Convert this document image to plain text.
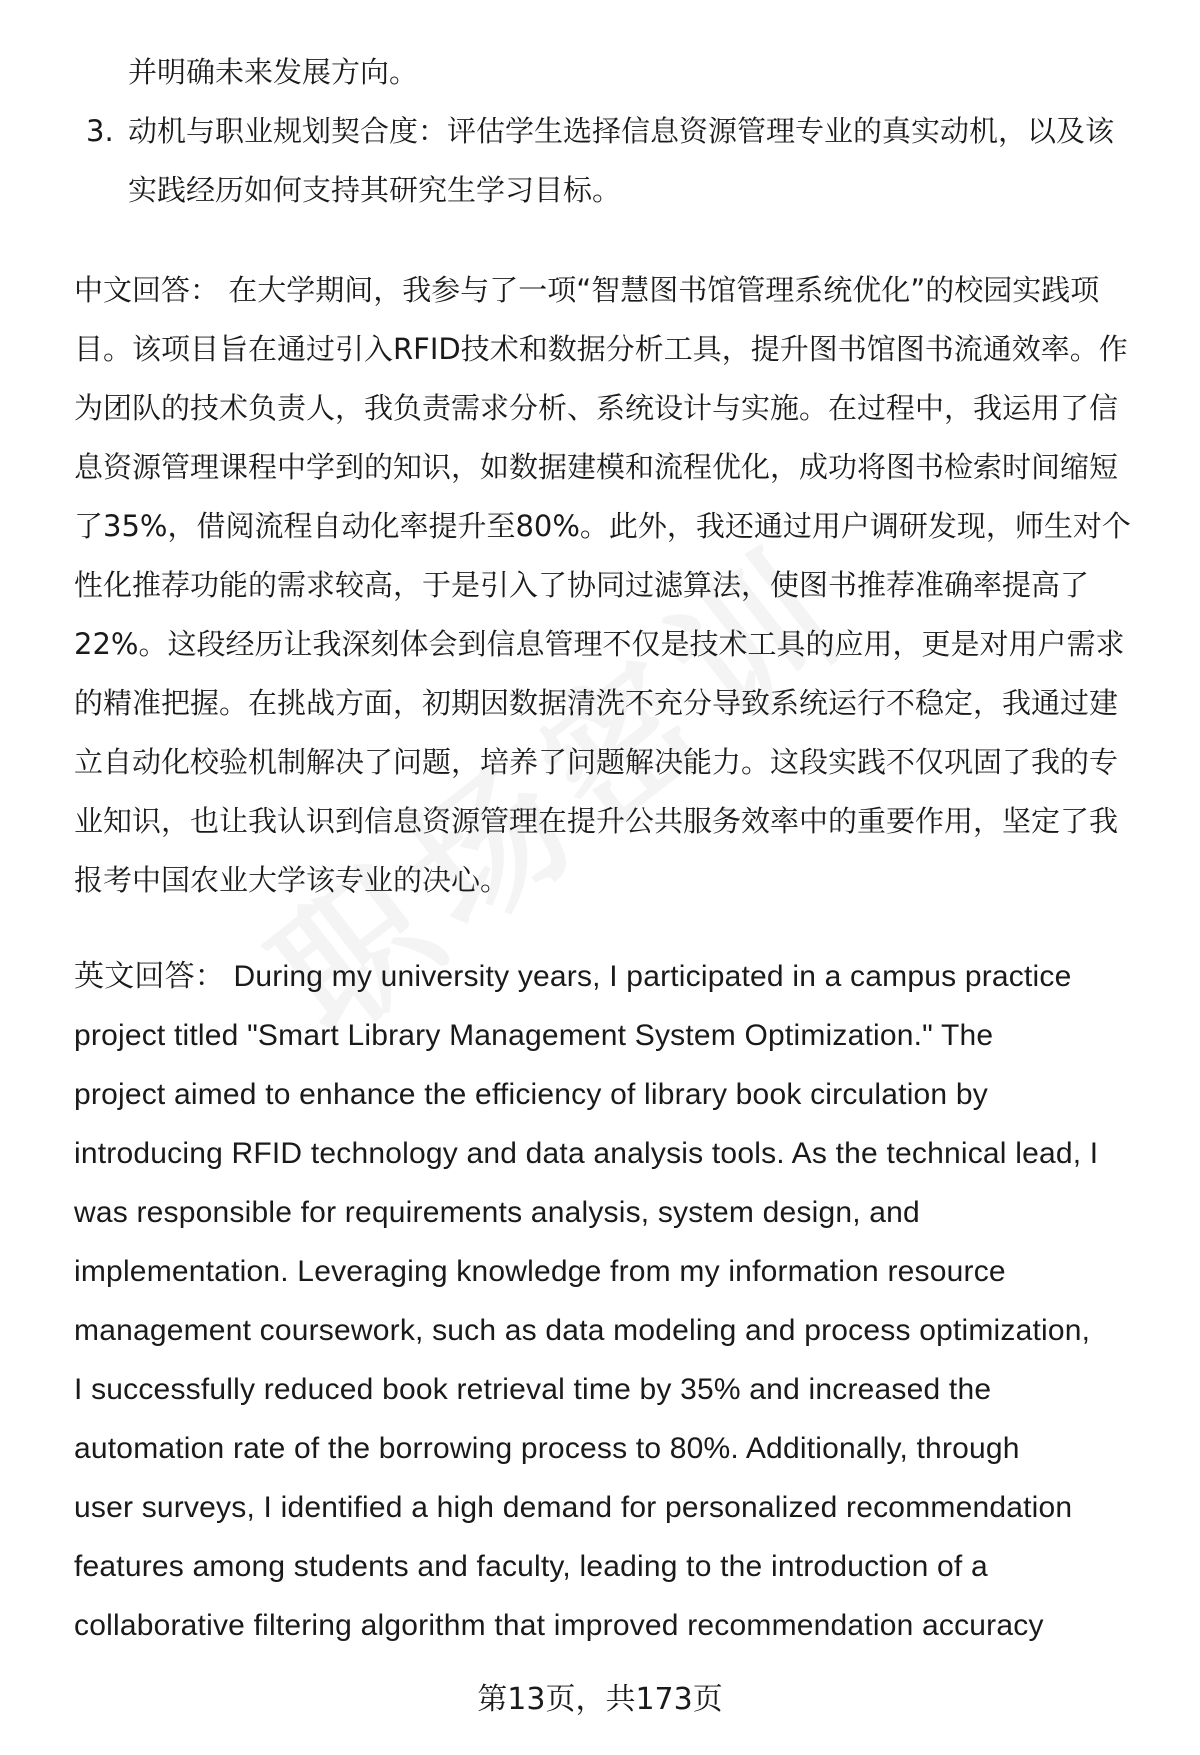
并明确未来发展方向。
3. 动机与职业规划契合度：评估学生选择信息资源管理专业的真实动机，以及该
实践经历如何支持其研究生学习目标。
中文回答： 在大学期间，我参与了一项“智慧图书馆管理系统优化”的校园实践项
目。该项目旨在通过引入RFID技术和数据分析工具，提升图书馆图书流通效率。作
为团队的技术负责人，我负责需求分析、系统设计与实施。在过程中，我运用了信
息资源管理课程中学到的知识，如数据建模和流程优化，成功将图书检索时间缩短
了35%，借阅流程自动化率提升至80%。此外，我还通过用户调研发现，师生对个
性化推荐功能的需求较高，于是引入了协同过滤算法，使图书推荐准确率提高了
22%。这段经历让我深刻体会到信息管理不仅是技术工具的应用，更是对用户需求
的精准把握。在挑战方面，初期因数据清洗不充分导致系统运行不稳定，我通过建
立自动化校验机制解决了问题，培养了问题解决能力。这段实践不仅巩固了我的专
业知识，也让我认识到信息资源管理在提升公共服务效率中的重要作用，坚定了我
报考中国农业大学该专业的决心。
英文回答： During my university years, I participated in a campus practice
project titled "Smart Library Management System Optimization." The
project aimed to enhance the efficiency of library book circulation by
introducing RFID technology and data analysis tools. As the technical lead, I
was responsible for requirements analysis, system design, and
implementation. Leveraging knowledge from my information resource
management coursework, such as data modeling and process optimization,
I successfully reduced book retrieval time by 35% and increased the
automation rate of the borrowing process to 80%. Additionally, through
user surveys, I identified a high demand for personalized recommendation
features among students and faculty, leading to the introduction of a
collaborative filtering algorithm that improved recommendation accuracy
第13页，共173页
